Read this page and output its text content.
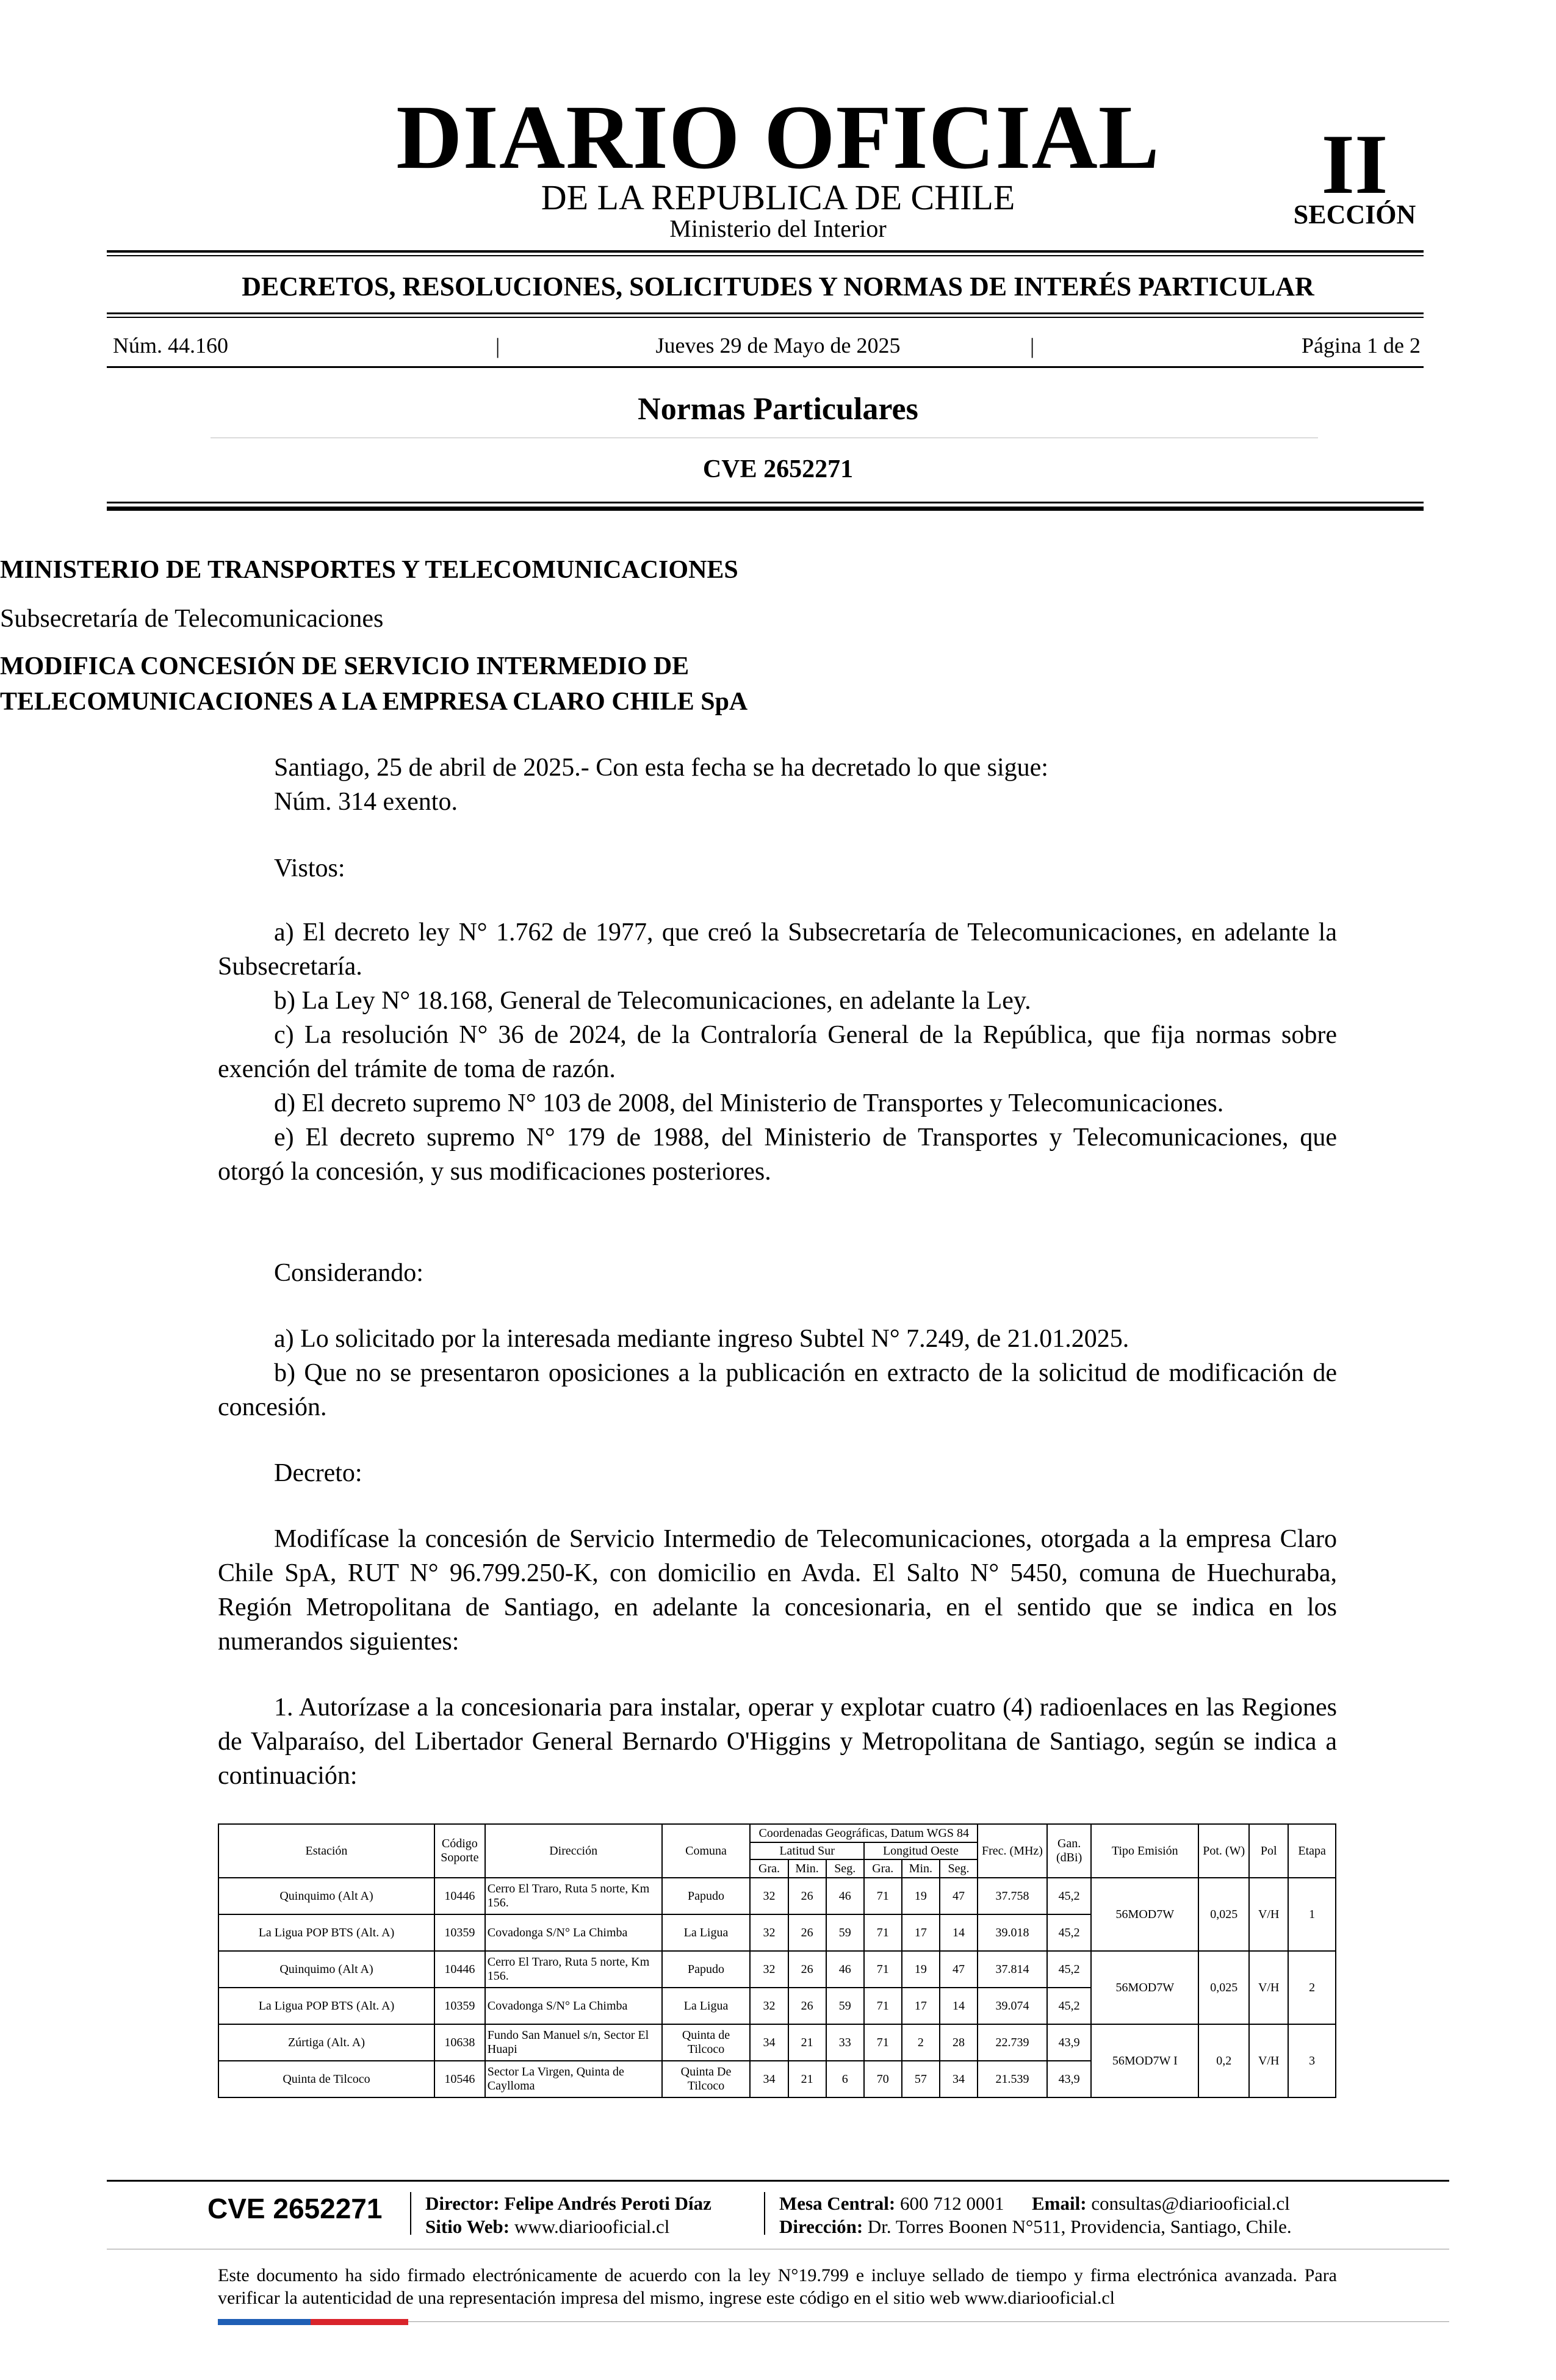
DIARIO OFICIAL
DE LA REPUBLICA DE CHILE
Ministerio del Interior
II
SECCIÓN
DECRETOS, RESOLUCIONES, SOLICITUDES Y NORMAS DE INTERÉS PARTICULAR
Núm. 44.160	|	Jueves 29 de Mayo de 2025	|	Página 1 de 2
Normas Particulares
CVE 2652271
MINISTERIO DE TRANSPORTES Y TELECOMUNICACIONES
Subsecretaría de Telecomunicaciones
MODIFICA CONCESIÓN DE SERVICIO INTERMEDIO DE
TELECOMUNICACIONES A LA EMPRESA CLARO CHILE SpA
Santiago, 25 de abril de 2025.- Con esta fecha se ha decretado lo que sigue:
Núm. 314 exento.
Vistos:

a) El decreto ley N° 1.762 de 1977, que creó la Subsecretaría de Telecomunicaciones, en adelante la Subsecretaría.

b) La Ley N° 18.168, General de Telecomunicaciones, en adelante la Ley.

c) La resolución N° 36 de 2024, de la Contraloría General de la República, que fija normas sobre exención del trámite de toma de razón.

d) El decreto supremo N° 103 de 2008, del Ministerio de Transportes y Telecomunicaciones.

e) El decreto supremo N° 179 de 1988, del Ministerio de Transportes y Telecomunicaciones, que otorgó la concesión, y sus modificaciones posteriores.

Considerando:

a) Lo solicitado por la interesada mediante ingreso Subtel N° 7.249, de 21.01.2025.

b) Que no se presentaron oposiciones a la publicación en extracto de la solicitud de modificación de concesión.

Decreto:

Modifícase la concesión de Servicio Intermedio de Telecomunicaciones, otorgada a la empresa Claro Chile SpA, RUT N° 96.799.250-K, con domicilio en Avda. El Salto N° 5450, comuna de Huechuraba, Región Metropolitana de Santiago, en adelante la concesionaria, en el sentido que se indica en los numerandos siguientes:

1. Autorízase a la concesionaria para instalar, operar y explotar cuatro (4) radioenlaces en las Regiones de Valparaíso, del Libertador General Bernardo O'Higgins y Metropolitana de Santiago, según se indica a continuación:

Estación	Código Soporte	Dirección	Comuna	Coordenadas Geográficas, Datum WGS 84						Frec. (MHz)	Gan. (dBi)	Tipo Emisión	Pot. (W)	Pol	Etapa
				Latitud Sur			Longitud Oeste								
				Gra.	Min.	Seg.	Gra.	Min.	Seg.						
Quinquimo (Alt A)	10446	Cerro El Traro, Ruta 5 norte, Km 156.	Papudo	32	26	46	71	19	47	37.758	45,2	56MOD7W	0,025	V/H	1
La Ligua POP BTS (Alt. A)	10359	Covadonga S/N° La Chimba	La Ligua	32	26	59	71	17	14	39.018	45,2				
Quinquimo (Alt A)	10446	Cerro El Traro, Ruta 5 norte, Km 156.	Papudo	32	26	46	71	19	47	37.814	45,2	56MOD7W	0,025	V/H	2
La Ligua POP BTS (Alt. A)	10359	Covadonga S/N° La Chimba	La Ligua	32	26	59	71	17	14	39.074	45,2				
Zúrtiga (Alt. A)	10638	Fundo San Manuel s/n, Sector El Huapi	Quinta de Tilcoco	34	21	33	71	2	28	22.739	43,9	56MOD7W I	0,2	V/H	3
Quinta de Tilcoco	10546	Sector La Virgen, Quinta de Caylloma	Quinta De Tilcoco	34	21	6	70	57	34	21.539	43,9				
CVE 2652271 Director: Felipe Andrés Peroti Díaz
Sitio Web: www.diariooficial.cl
Mesa Central: 600 712 0001 Email: consultas@diariooficial.cl
Dirección: Dr. Torres Boonen N°511, Providencia, Santiago, Chile.
Este documento ha sido firmado electrónicamente de acuerdo con la ley N°19.799 e incluye sellado de tiempo y firma electrónica avanzada. Para verificar la autenticidad de una representación impresa del mismo, ingrese este código en el sitio web www.diariooficial.cl
